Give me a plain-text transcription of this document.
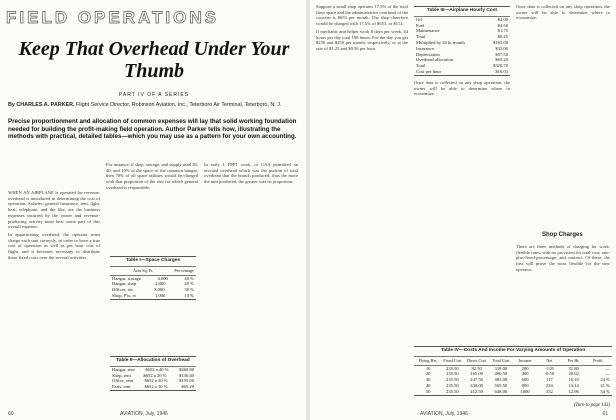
FIELD OPERATIONS
Keep That Overhead Under Your Thumb
PART IV OF A SERIES
By CHARLES A. PARKER, Flight Service Director, Robinson Aviation, Inc., Teterboro Air Terminal, Teterboro, N. J.
Precise proportionment and allocation of common expenses will lay that solid working foundation needed for building the profit-making field operation. Author Parker tells how, illustrating the methods with practical, detailed tables—which you may use as a pattern for your own accounting.

WHEN AN AIRPLANE is operated for revenue, overhead is introduced in determining the cost of operation. Salaries, general insurance, rent, light, heat, telephone, and the like, are the business expenses incurred by the owner and revenue-producing activity must bear some part of this overall expense.

In apportioning overhead, the operator must charge each unit correctly, in order to have a true cost of operation as well as per hour cost of flight, and it becomes necessary to distribute these fixed costs over the several activities.

For instance, if shop, storage, and supply used 20, 40, and 10% of the space of the common hangar, then 70% of all space utilities would be charged with that proportion of the rent for which general overhead is responsible.

In early 1 FPPT work, or CAA permitted an accrued overhead which was the portion of total overhead that the branch produced; thus the more the unit produced, the greater was its proportion.

Table I—Space Charges
Area Sq. Ft.	Per-centage
Hangar, storage	4,000	40 %
Hangar, shop	2,000	20 %
Offices, etc.	3,000	30 %
Shop, P'ts, et	1,000	10 %
Table II—Allocation of Overhead
Hangar, rent $652 a 40 % $260.80
Shop, rent	$652 a 20 %	$130.40
Office, rent $652 a 30 % $195.60
Parts, rent	$652 a 10 %	$65.20
60	AVIATION, July, 1946

Suppose a small shop operates 17.5% of the total floor space and the administrative overhead of the concern is $653 per month. The shop therefore would be charged with 17.5% of $653, or $114.

If mechanic and helper work 8 days per week, 44 hours per day total 198 hours. For the day you get $250 and $250 per month, respectively, or at the rate of $1.25 and $0.56 per hour.

Table III—Airplane Hourly Cost
Oil	$2.00
Fuel	$4.50
Maintenance	$1.75
Total	$8.25
Multiplied by 20 hr month	$165.00
Insurance	$33.00
Depreciation	$57.50
Overhead allocation	$65.20
Total	$320.70
Cost per hour	$16.03

Once data is collected on any shop operation, the owner will be able to determine where to economize.

Once data is collected on any shop operation, the owner will be able to determine where to economize.

Shop Charges

There are three methods of charging for work: flexible rates, with no provision for total cost; rate-plus-fixed-percentage; and contract. Of these, the first will prove the most flexible for the new operator.

Table IV—Costs And Income For Varying Amounts of Operation
Flying Hrs.	Fixed Cost	Direct Cost	Total Cost	Income	Net	Per Hr.	Profit
10	235.50	82.50	318.00	200	-118	31.80	—
20	235.50	165.00	400.50	400	-0.50	20.02	—
30	235.50	247.50	483.00	600	117	16.10	24 %
40	235.50	330.00	565.50	800	234	14.14	41 %
50	235.50	412.50	648.00	1000	352	12.96	54 %
(Turn to page 143)
AVIATION, July, 1946	61
